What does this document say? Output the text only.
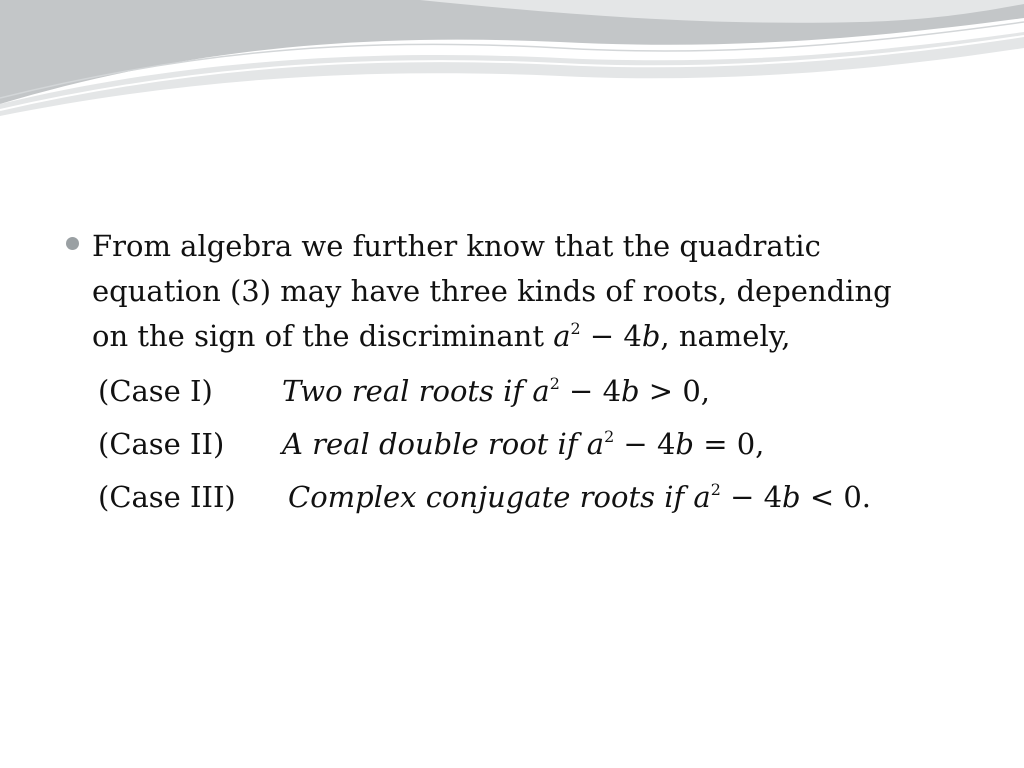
From algebra we further know that the quadratic
equation (3) may have three kinds of roots, depending
on the sign of the discriminant $a^2 - 4b$, namely,
(Case I) Two real roots if $a^2 - 4b > 0$,
(Case II) A real double root if $a^2 - 4b = 0$,
(Case III) Complex conjugate roots if $a^2 - 4b < 0$.
